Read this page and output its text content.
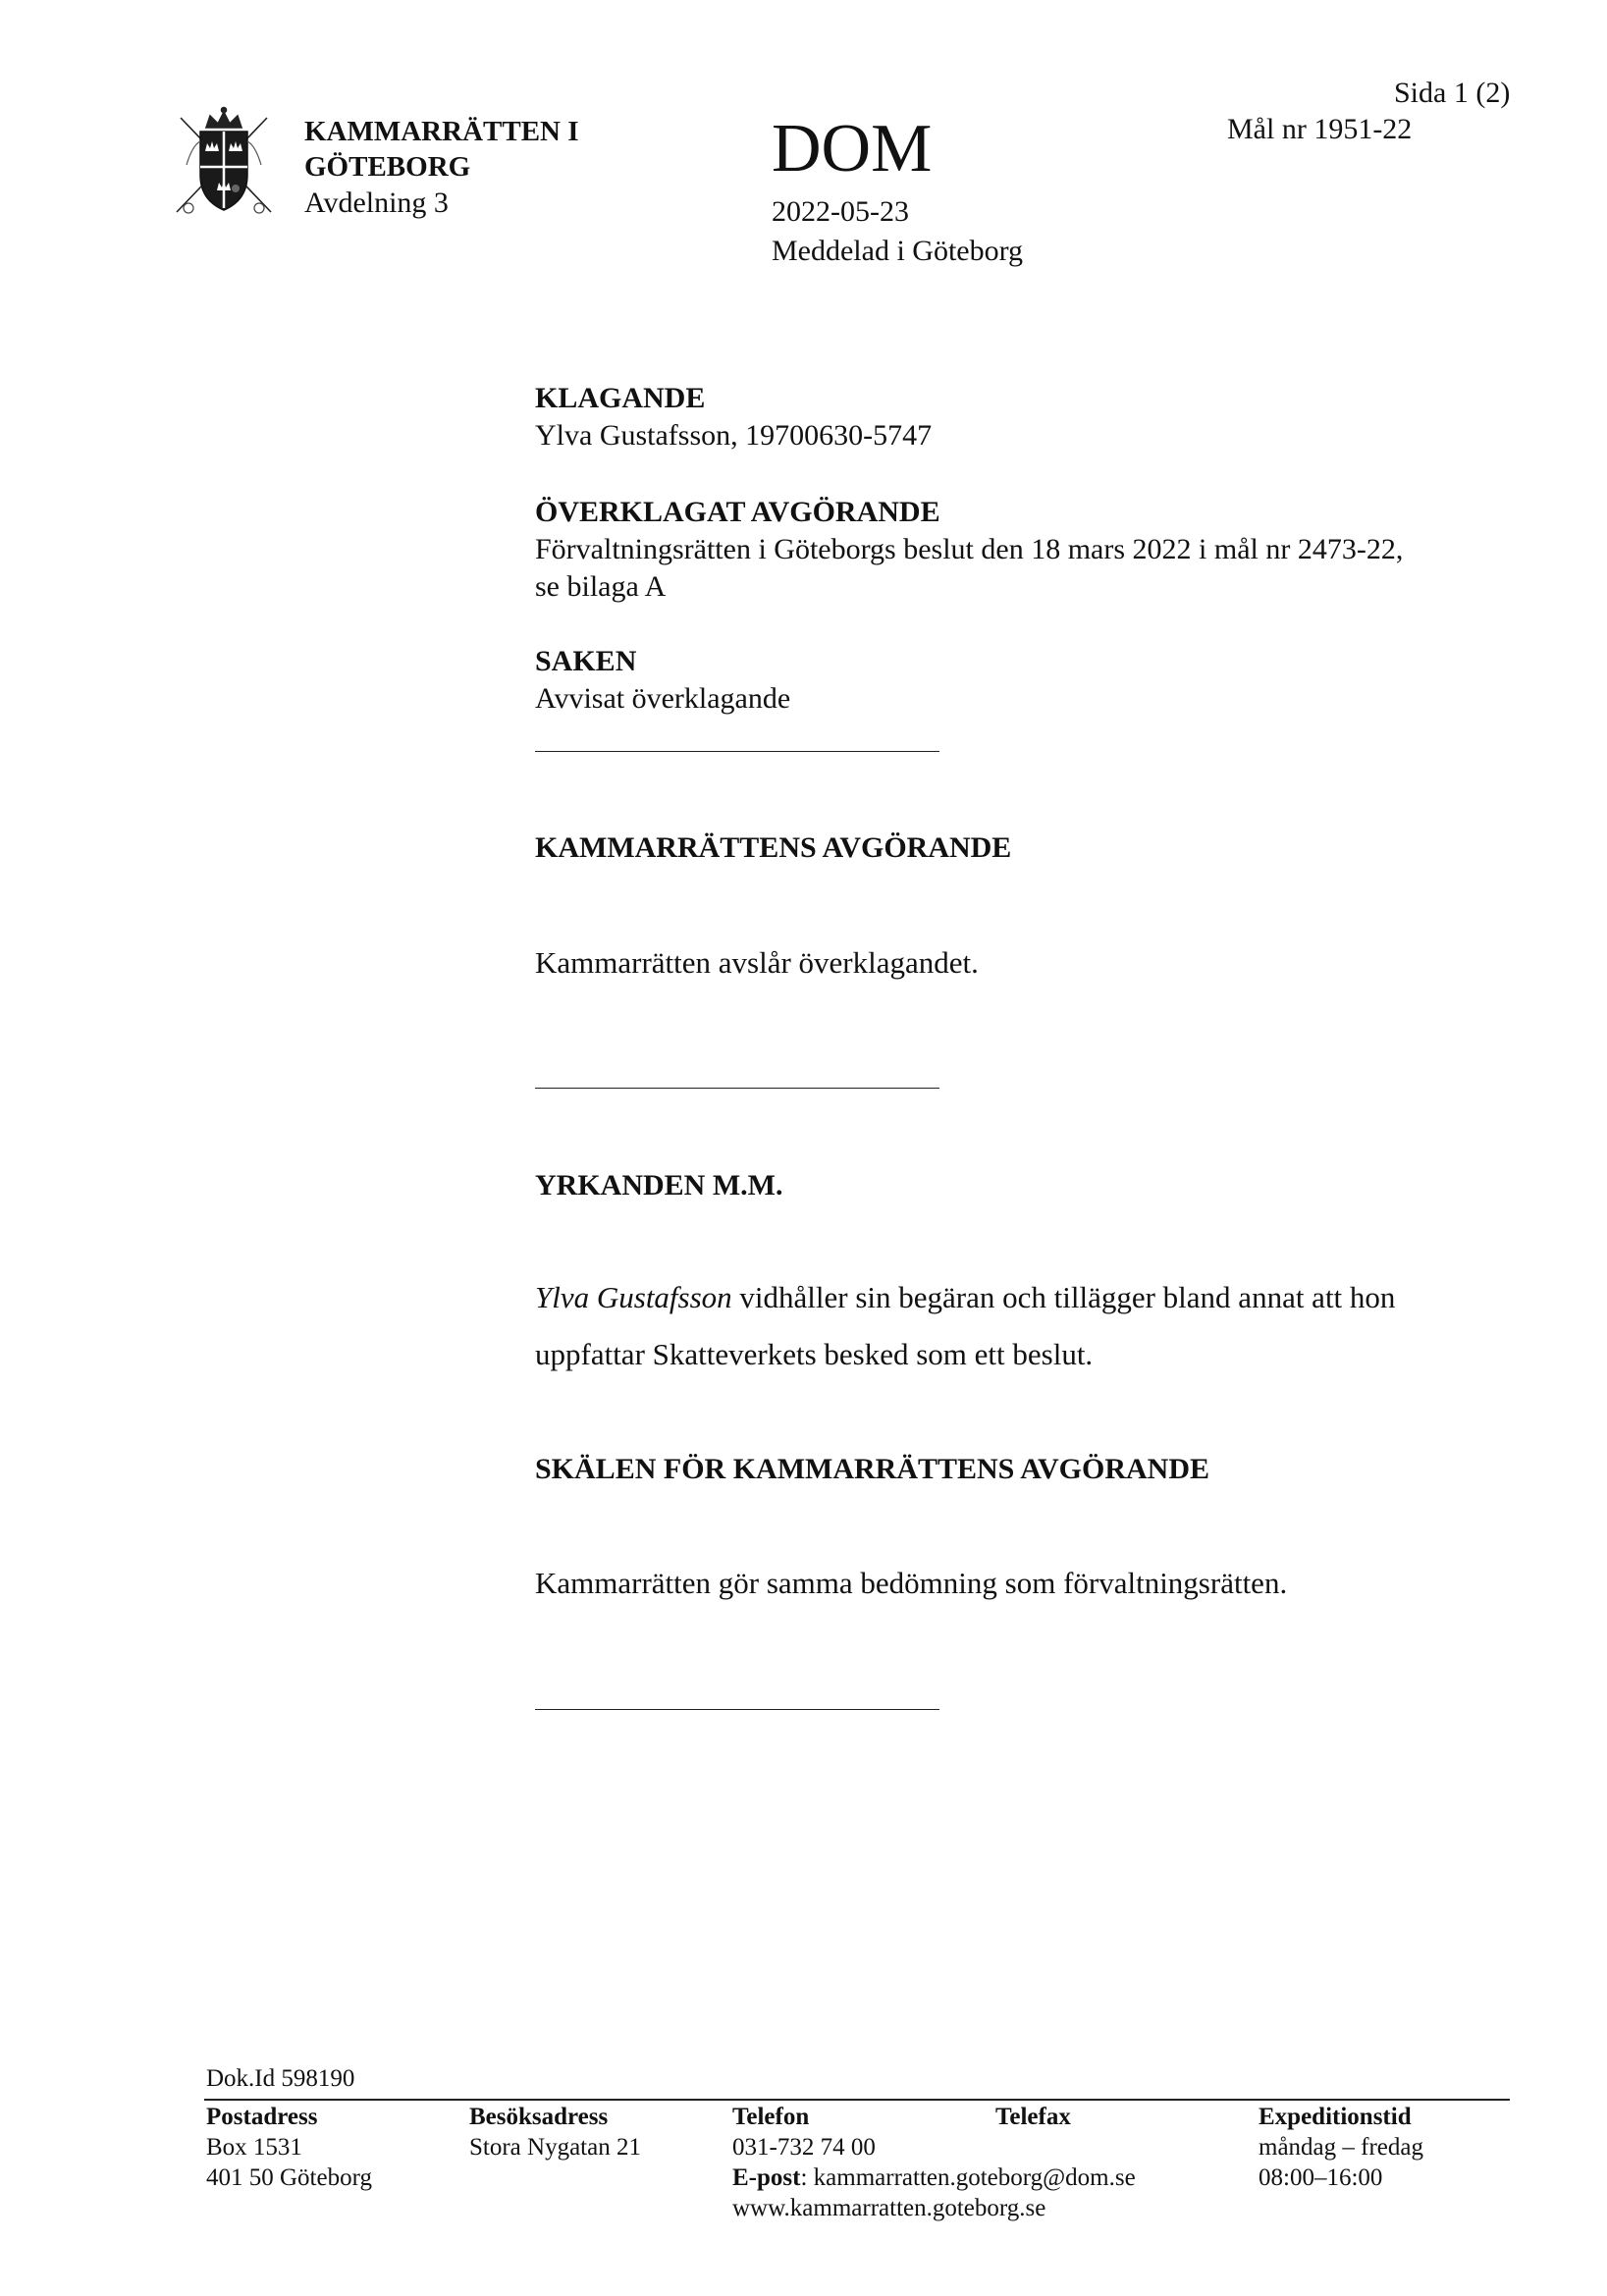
KAMMARRÄTTEN I
GÖTEBORG
Avdelning 3
DOM
2022-05-23
Meddelad i Göteborg
Sida 1 (2)
Mål nr 1951-22
KLAGANDE
Ylva Gustafsson, 19700630-5747
ÖVERKLAGAT AVGÖRANDE
Förvaltningsrätten i Göteborgs beslut den 18 mars 2022 i mål nr 2473-22,
se bilaga A
SAKEN
Avvisat överklagande
KAMMARRÄTTENS AVGÖRANDE
Kammarrätten avslår överklagandet.
YRKANDEN M.M.
Ylva Gustafsson vidhåller sin begäran och tillägger bland annat att hon
uppfattar Skatteverkets besked som ett beslut.
SKÄLEN FÖR KAMMARRÄTTENS AVGÖRANDE
Kammarrätten gör samma bedömning som förvaltningsrätten.
Dok.Id 598190
Postadress
Box 1531
401 50 Göteborg
Besöksadress
Stora Nygatan 21
Telefon
031-732 74 00
E-post: kammarratten.goteborg@dom.se
www.kammarratten.goteborg.se
Telefax	Expeditionstid
måndag – fredag
08:00–16:00
